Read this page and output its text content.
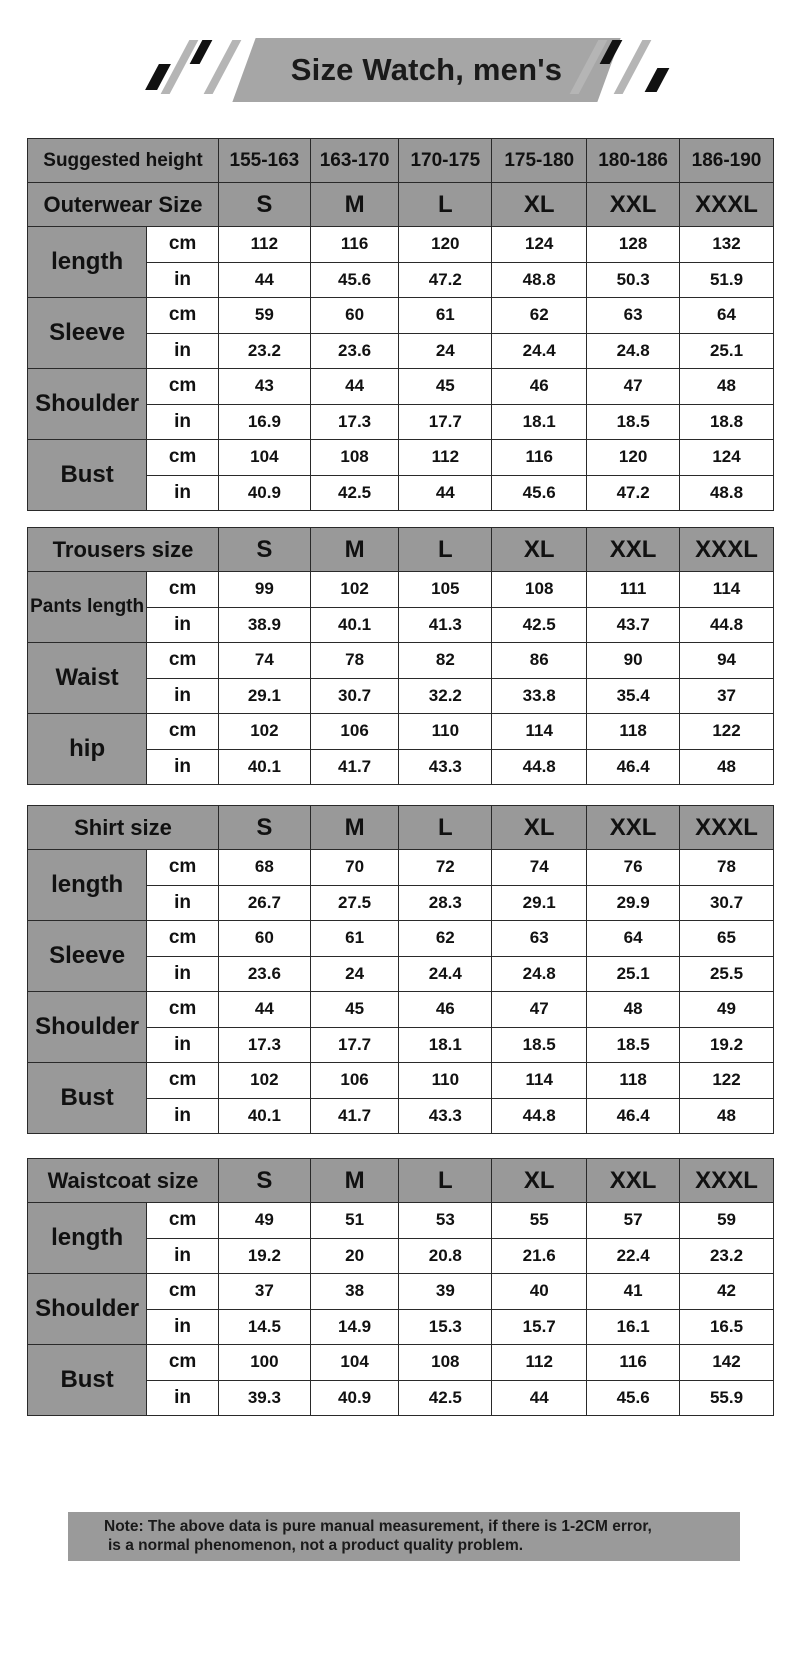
Size Watch, men's
Suggested height		155-163	163-170	170-175	175-180	180-186	186-190
Outerwear Size		S	M	L	XL	XXL	XXXL
length	cm	112	116	120	124	128	132
	in	44	45.6	47.2	48.8	50.3	51.9
Sleeve	cm	59	60	61	62	63	64
	in	23.2	23.6	24	24.4	24.8	25.1
Shoulder	cm	43	44	45	46	47	48
	in	16.9	17.3	17.7	18.1	18.5	18.8
Bust	cm	104	108	112	116	120	124
	in	40.9	42.5	44	45.6	47.2	48.8
Trousers size		S	M	L	XL	XXL	XXXL
Pants length	cm	99	102	105	108	111	114
	in	38.9	40.1	41.3	42.5	43.7	44.8
Waist	cm	74	78	82	86	90	94
	in	29.1	30.7	32.2	33.8	35.4	37
hip	cm	102	106	110	114	118	122
	in	40.1	41.7	43.3	44.8	46.4	48
Shirt size		S	M	L	XL	XXL	XXXL
length	cm	68	70	72	74	76	78
	in	26.7	27.5	28.3	29.1	29.9	30.7
Sleeve	cm	60	61	62	63	64	65
	in	23.6	24	24.4	24.8	25.1	25.5
Shoulder	cm	44	45	46	47	48	49
	in	17.3	17.7	18.1	18.5	18.5	19.2
Bust	cm	102	106	110	114	118	122
	in	40.1	41.7	43.3	44.8	46.4	48
Waistcoat size		S	M	L	XL	XXL	XXXL
length	cm	49	51	53	55	57	59
	in	19.2	20	20.8	21.6	22.4	23.2
Shoulder	cm	37	38	39	40	41	42
	in	14.5	14.9	15.3	15.7	16.1	16.5
Bust	cm	100	104	108	112	116	142
	in	39.3	40.9	42.5	44	45.6	55.9
Note: The above data is pure manual measurement, if there is 1-2CM error,
is a normal phenomenon, not a product quality problem.
